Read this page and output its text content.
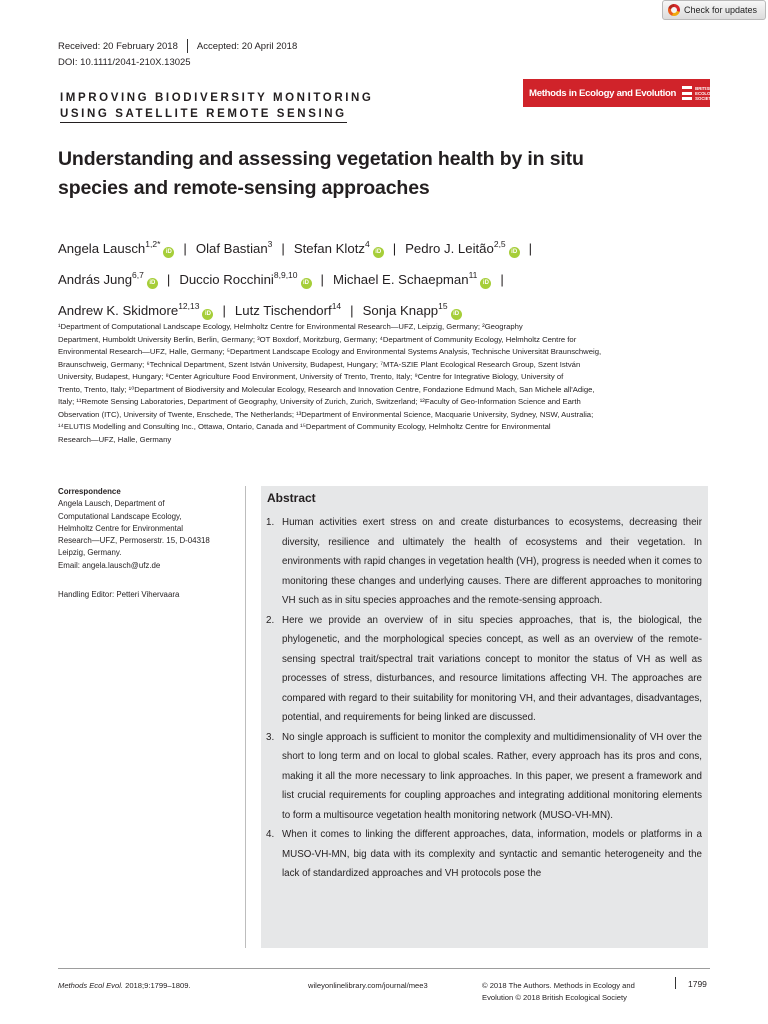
Check for updates
Received: 20 February 2018 Accepted: 20 April 2018
DOI: 10.1111/2041-210X.13025
IMPROVING BIODIVERSITY MONITORING
USING SATELLITE REMOTE SENSING
Methods in Ecology and Evolution	BRITISH
ECOLOGICAL
SOCIETY
Understanding and assessing vegetation health by in situ
species and remote-sensing approaches
Angela Lausch$^{1,2*}$iD | Olaf Bastian$^3$ | Stefan Klotz$^4$iD | Pedro J. Leitão$^{2,5}$iD |
András Jung$^{6,7}$iD | Duccio Rocchini$^{8,9,10}$iD | Michael E. Schaepman$^{11}$iD |
Andrew K. Skidmore$^{12,13}$iD | Lutz Tischendorf$^{14}$ | Sonja Knapp$^{15}$iD
¹Department of Computational Landscape Ecology, Helmholtz Centre for Environmental Research—UFZ, Leipzig, Germany; ²Geography
Department, Humboldt University Berlin, Berlin, Germany; ³OT Boxdorf, Moritzburg, Germany; ⁴Department of Community Ecology, Helmholtz Centre for
Environmental Research—UFZ, Halle, Germany; ⁵Department Landscape Ecology and Environmental Systems Analysis, Technische Universität Braunschweig,
Braunschweig, Germany; ⁶Technical Department, Szent István University, Budapest, Hungary; ⁷MTA-SZIE Plant Ecological Research Group, Szent István
University, Budapest, Hungary; ⁸Center Agriculture Food Environment, University of Trento, Trento, Italy; ⁹Centre for Integrative Biology, University of
Trento, Trento, Italy; ¹⁰Department of Biodiversity and Molecular Ecology, Research and Innovation Centre, Fondazione Edmund Mach, San Michele all'Adige,
Italy; ¹¹Remote Sensing Laboratories, Department of Geography, University of Zurich, Zurich, Switzerland; ¹²Faculty of Geo-Information Science and Earth
Observation (ITC), University of Twente, Enschede, The Netherlands; ¹³Department of Environmental Science, Macquarie University, Sydney, NSW, Australia;
¹⁴ELUTIS Modelling and Consulting Inc., Ottawa, Ontario, Canada and ¹⁵Department of Community Ecology, Helmholtz Centre for Environmental
Research—UFZ, Halle, Germany
Correspondence
Angela Lausch, Department of
Computational Landscape Ecology,
Helmholtz Centre for Environmental
Research—UFZ, Permoserstr. 15, D-04318
Leipzig, Germany.
Email: angela.lausch@ufz.de
Handling Editor: Petteri Vihervaara
Abstract
1. Human activities exert stress on and create disturbances to ecosystems, decreasing their diversity, resilience and ultimately the health of ecosystems and their vegetation. In environments with rapid changes in vegetation health (VH), progress is needed when it comes to monitoring these changes and underlying causes. There are different approaches to monitoring VH such as in situ species approaches and the remote-sensing approach.
2. Here we provide an overview of in situ species approaches, that is, the biological, the phylogenetic, and the morphological species concept, as well as an overview of the remote-sensing spectral trait/spectral trait variations concept to monitor the status of VH as well as processes of stress, disturbances, and resource limitations affecting VH. The approaches are compared with regard to their suitability for monitoring VH, and their advantages, disadvantages, potential, and requirements for being linked are discussed.
3. No single approach is sufficient to monitor the complexity and multidimensionality of VH over the short to long term and on local to global scales. Rather, every approach has its pros and cons, making it all the more necessary to link approaches. In this paper, we present a framework and list crucial requirements for coupling approaches and integrating additional monitoring elements to form a multisource vegetation health monitoring network (MUSO-VH-MN).
4. When it comes to linking the different approaches, data, information, models or platforms in a MUSO-VH-MN, big data with its complexity and syntactic and semantic heterogeneity and the lack of standardized approaches and VH protocols pose the
Methods Ecol Evol. 2018;9:1799–1809.	wileyonlinelibrary.com/journal/mee3	© 2018 The Authors. Methods in Ecology and
Evolution © 2018 British Ecological Society
1799
